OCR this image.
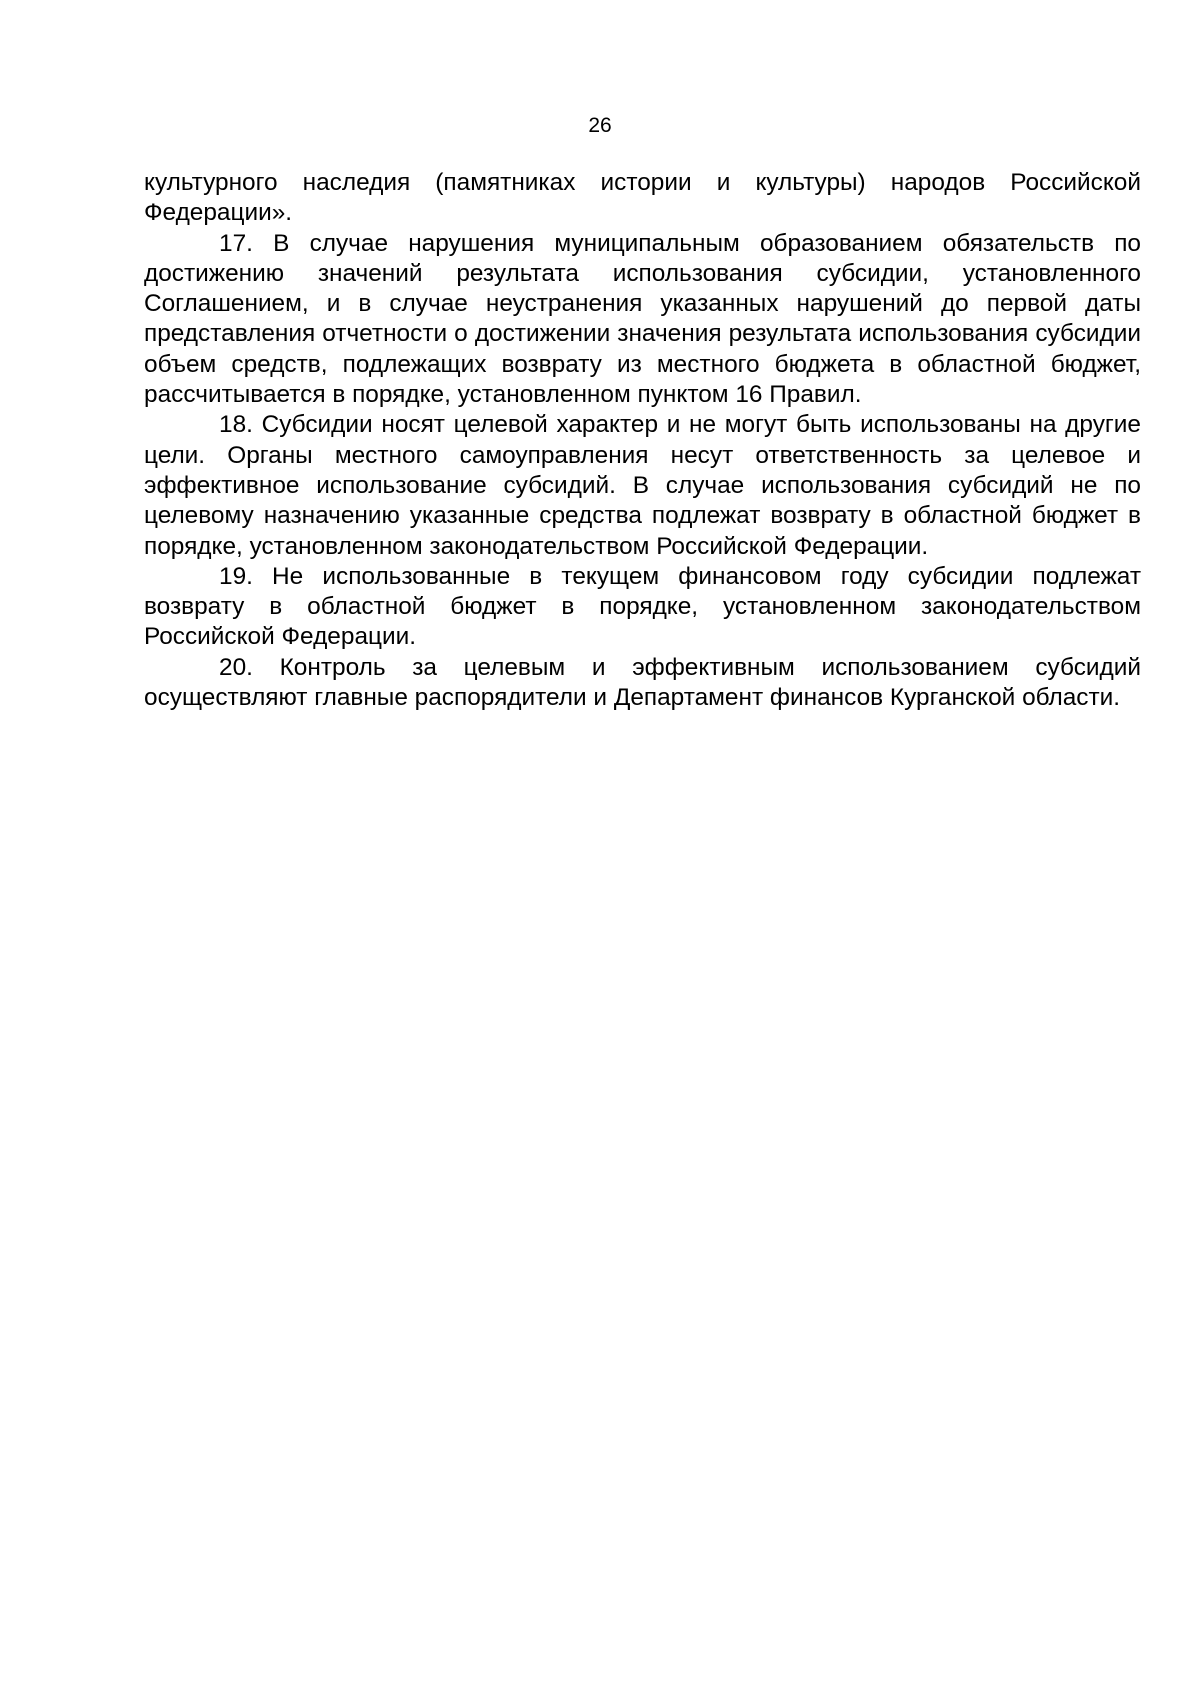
26

культурного наследия (памятниках истории и культуры) народов Российской Федерации».

17. В случае нарушения муниципальным образованием обязательств по достижению значений результата использования субсидии, установленного Соглашением, и в случае неустранения указанных нарушений до первой даты представления отчетности о достижении значения результата использования субсидии объем средств, подлежащих возврату из местного бюджета в областной бюджет, рассчитывается в порядке, установленном пунктом 16 Правил.

18. Субсидии носят целевой характер и не могут быть использованы на другие цели. Органы местного самоуправления несут ответственность за целевое и эффективное использование субсидий. В случае использования субсидий не по целевому назначению указанные средства подлежат возврату в областной бюджет в порядке, установленном законодательством Российской Федерации.

19. Не использованные в текущем финансовом году субсидии подлежат возврату в областной бюджет в порядке, установленном законодательством Российской Федерации.

20. Контроль за целевым и эффективным использованием субсидий осуществляют главные распорядители и Департамент финансов Курганской области.
